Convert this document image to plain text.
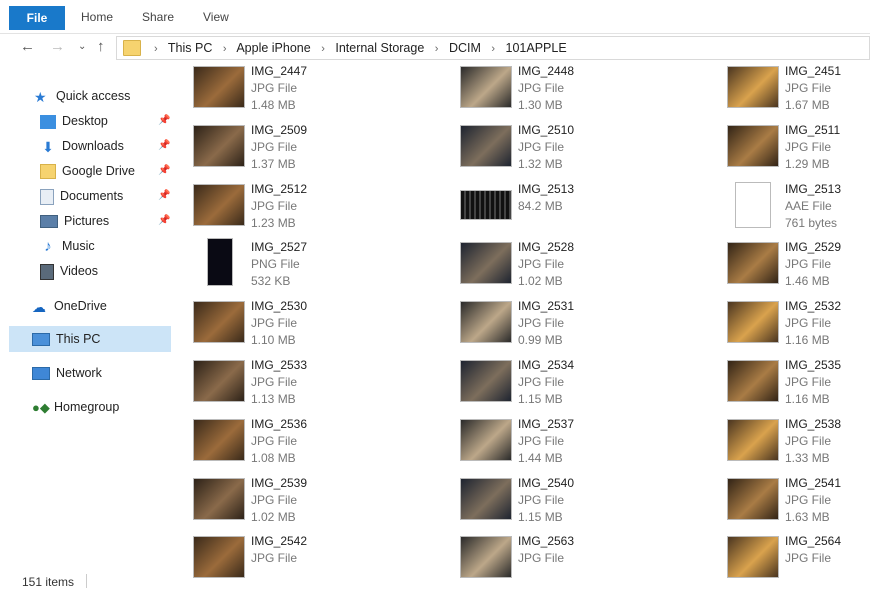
File	Home Share View
← → ⌄ ↑	› This PC › Apple iPhone › Internal Storage › DCIM › 101APPLE
★ Quick access
Desktop	📌
⬇ Downloads	📌
Google Drive 📌
Documents	📌
Pictures	📌
♪ Music
Videos
☁ OneDrive
This PC
Network
●◆ Homegroup
IMG_2447
JPG File
1.48 MB
IMG_2448
JPG File
1.30 MB
IMG_2451
JPG File
1.67 MB
IMG_2509
JPG File
1.37 MB
IMG_2510
JPG File
1.32 MB
IMG_2511
JPG File
1.29 MB
IMG_2512
JPG File
1.23 MB
IMG_2513
84.2 MB
IMG_2513
AAE File
761 bytes
IMG_2527
PNG File
532 KB
IMG_2528
JPG File
1.02 MB
IMG_2529
JPG File
1.46 MB
IMG_2530
JPG File
1.10 MB
IMG_2531
JPG File
0.99 MB
IMG_2532
JPG File
1.16 MB
IMG_2533
JPG File
1.13 MB
IMG_2534
JPG File
1.15 MB
IMG_2535
JPG File
1.16 MB
IMG_2536
JPG File
1.08 MB
IMG_2537
JPG File
1.44 MB
IMG_2538
JPG File
1.33 MB
IMG_2539
JPG File
1.02 MB
IMG_2540
JPG File
1.15 MB
IMG_2541
JPG File
1.63 MB
IMG_2542
JPG File
IMG_2563
JPG File
IMG_2564
JPG File
151 items
